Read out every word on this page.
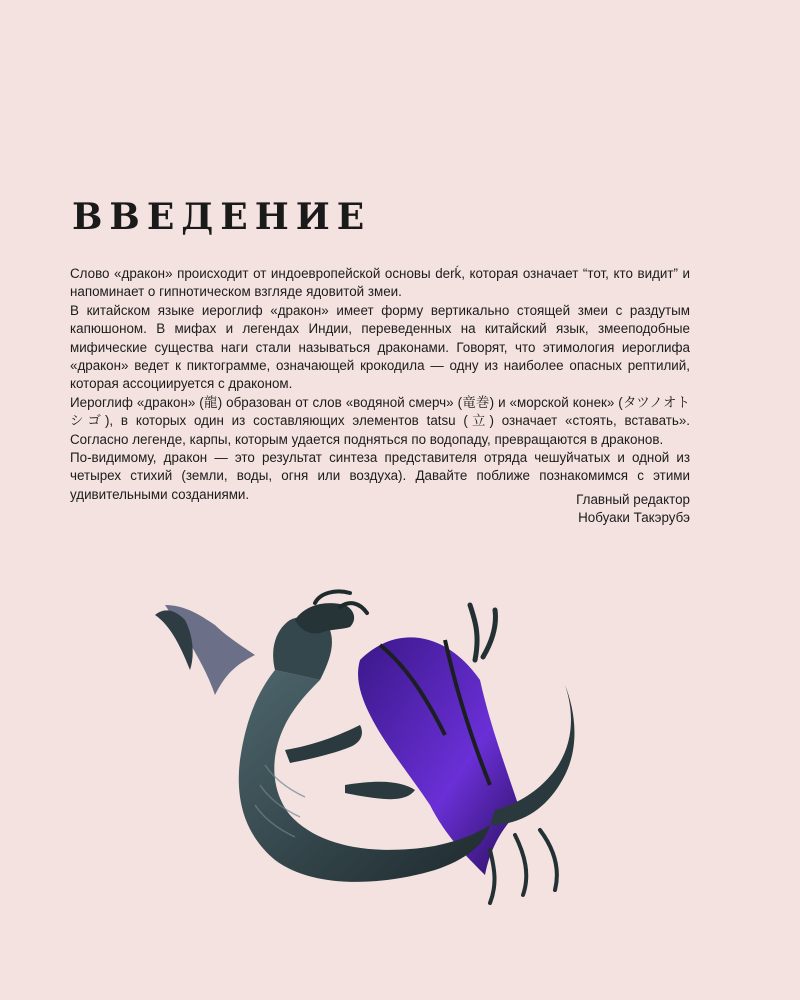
ВВЕДЕНИЕ

Слово «дракон» происходит от индоевропейской основы derḱ, которая означает “тот, кто видит” и напоминает о гипнотическом взгляде ядовитой змеи.

В китайском языке иероглиф «дракон» имеет форму вертикально стоящей змеи с раздутым капюшоном. В мифах и легендах Индии, переведенных на китайский язык, змееподобные мифические существа наги стали называться драконами. Говорят, что этимология иероглифа «дракон» ведет к пиктограмме, означающей крокодила — одну из наиболее опасных рептилий, которая ассоциируется с драконом.

Иероглиф «дракон» (龍) образован от слов «водяной смерч» (竜巻) и «морской конек» (タツノオトシゴ), в которых один из составляющих элементов tatsu (立) означает «стоять, вставать». Согласно легенде, карпы, которым удается подняться по водопаду, превращаются в драконов.

По-видимому, дракон — это результат синтеза представителя отряда чешуйчатых и одной из четырех стихий (земли, воды, огня или воздуха). Давайте поближе познакомимся с этими удивительными созданиями.	Главный редактор
Нобуаки Такэрубэ
